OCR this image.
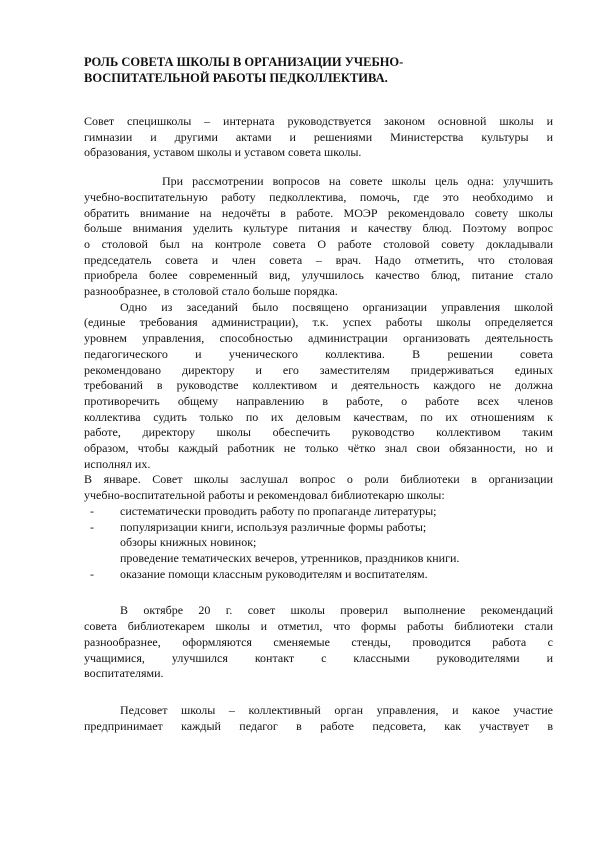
РОЛЬ СОВЕТА ШКОЛЫ В ОРГАНИЗАЦИИ УЧЕБНО-
ВОСПИТАТЕЛЬНОЙ РАБОТЫ ПЕДКОЛЛЕКТИВА.

Совет специшколы – интерната руководствуется законом основной школы и
гимназии и другими актами и решениями Министерства культуры и
образования, уставом школы и уставом совета школы.

При рассмотрении вопросов на совете школы цель одна: улучшить
учебно-воспитательную работу педколлектива, помочь, где это необходимо и
обратить внимание на недочёты в работе. МОЭР рекомендовало совету школы
больше внимания уделить культуре питания и качеству блюд. Поэтому вопрос
о столовой был на контроле совета О работе столовой совету докладывали
председатель совета и член совета – врач. Надо отметить, что столовая
приобрела более современный вид, улучшилось качество блюд, питание стало
разнообразнее, в столовой стало больше порядка.

Одно из заседаний было посвящено организации управления школой
(единые требования администрации), т.к. успех работы школы определяется
уровнем управления, способностью администрации организовать деятельность
педагогического и ученического коллектива. В решении совета
рекомендовано директору и его заместителям придерживаться единых
требований в руководстве коллективом и деятельность каждого не должна
противоречить общему направлению в работе, о работе всех членов
коллектива судить только по их деловым качествам, по их отношениям к
работе, директору школы обеспечить руководство коллективом таким
образом, чтобы каждый работник не только чётко знал свои обязанности, но и
исполнял их.

В январе. Совет школы заслушал вопрос о роли библиотеки в организации
учебно-воспитательной работы и рекомендовал библиотекарю школы:

- систематически проводить работу по пропаганде литературы;
- популяризации книги, используя различные формы работы;
обзоры книжных новинок;
проведение тематических вечеров, утренников, праздников книги.
- оказание помощи классным руководителям и воспитателям.

В октябре 20 г. совет школы проверил выполнение рекомендаций
совета библиотекарем школы и отметил, что формы работы библиотеки стали
разнообразнее, оформляются сменяемые стенды, проводится работа с
учащимися, улучшился контакт с классными руководителями и
воспитателями.

Педсовет школы – коллективный орган управления, и какое участие
предпринимает каждый педагог в работе педсовета, как участвует в
